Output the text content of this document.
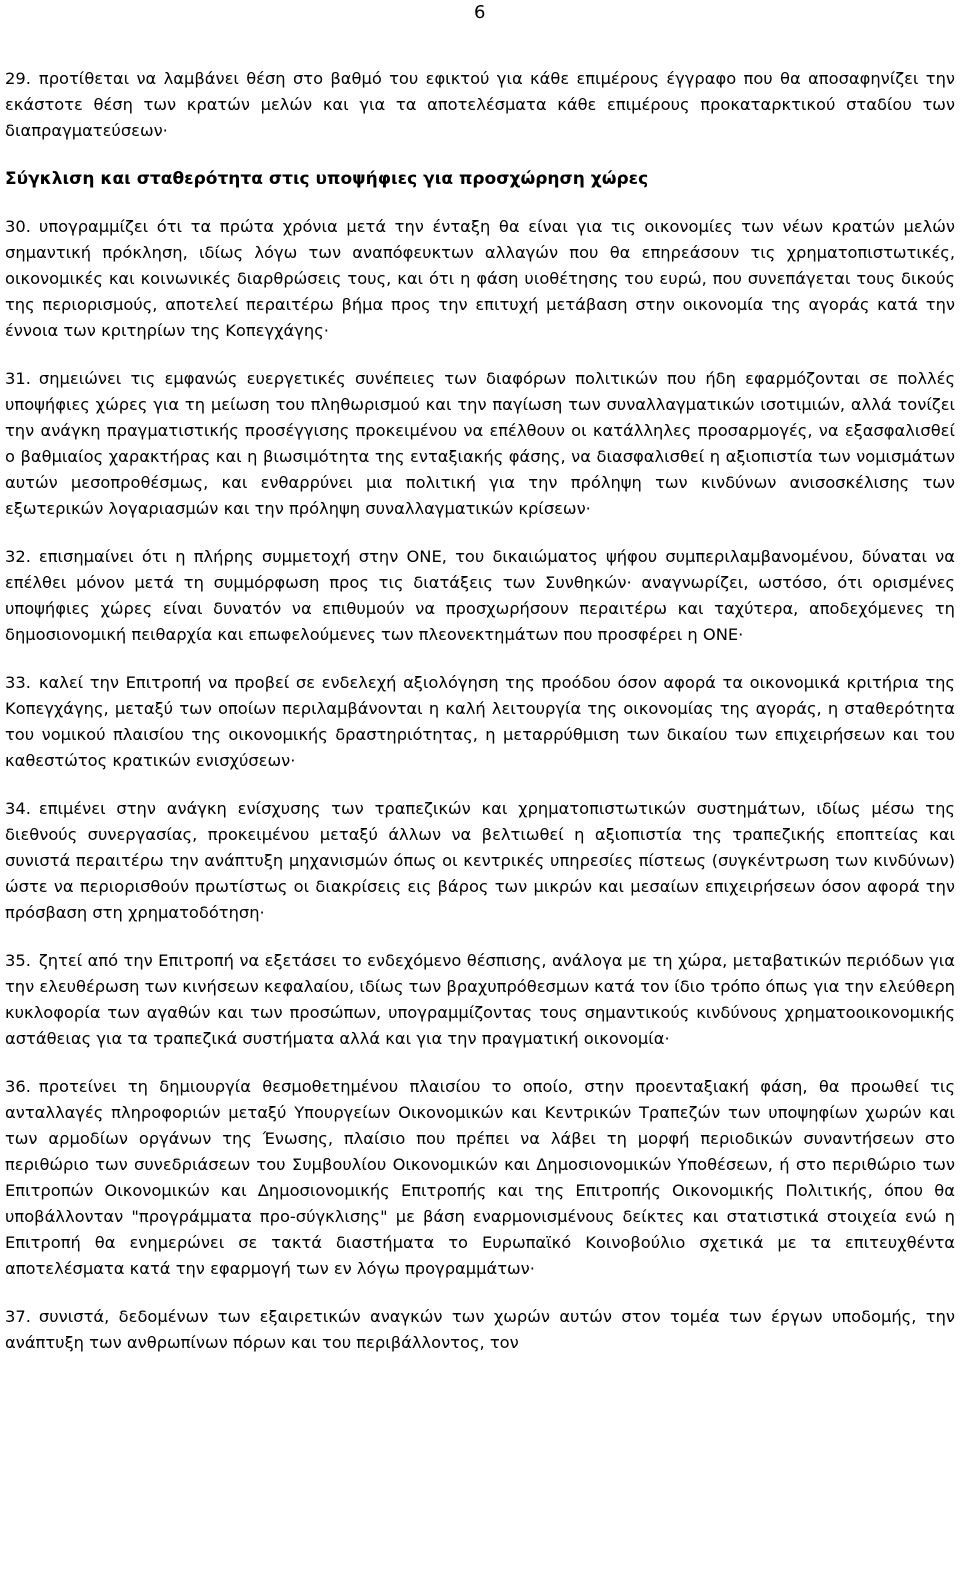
6

29. προτίθεται να λαμβάνει θέση στο βαθμό του εφικτού για κάθε επιμέρους έγγραφο που θα αποσαφηνίζει την εκάστοτε θέση των κρατών μελών και για τα αποτελέσματα κάθε επιμέρους προκαταρκτικού σταδίου των διαπραγματεύσεων·

Σύγκλιση και σταθερότητα στις υποψήφιες για προσχώρηση χώρες

30. υπογραμμίζει ότι τα πρώτα χρόνια μετά την ένταξη θα είναι για τις οικονομίες των νέων κρατών μελών σημαντική πρόκληση, ιδίως λόγω των αναπόφευκτων αλλαγών που θα επηρεάσουν τις χρηματοπιστωτικές, οικονομικές και κοινωνικές διαρθρώσεις τους, και ότι η φάση υιοθέτησης του ευρώ, που συνεπάγεται τους δικούς της περιορισμούς, αποτελεί περαιτέρω βήμα προς την επιτυχή μετάβαση στην οικονομία της αγοράς κατά την έννοια των κριτηρίων της Κοπεγχάγης·

31. σημειώνει τις εμφανώς ευεργετικές συνέπειες των διαφόρων πολιτικών που ήδη εφαρμόζονται σε πολλές υποψήφιες χώρες για τη μείωση του πληθωρισμού και την παγίωση των συναλλαγματικών ισοτιμιών, αλλά τονίζει την ανάγκη πραγματιστικής προσέγγισης προκειμένου να επέλθουν οι κατάλληλες προσαρμογές, να εξασφαλισθεί ο βαθμιαίος χαρακτήρας και η βιωσιμότητα της ενταξιακής φάσης, να διασφαλισθεί η αξιοπιστία των νομισμάτων αυτών μεσοπροθέσμως, και ενθαρρύνει μια πολιτική για την πρόληψη των κινδύνων ανισοσκέλισης των εξωτερικών λογαριασμών και την πρόληψη συναλλαγματικών κρίσεων·

32. επισημαίνει ότι η πλήρης συμμετοχή στην ΟΝΕ, του δικαιώματος ψήφου συμπεριλαμβανομένου, δύναται να επέλθει μόνον μετά τη συμμόρφωση προς τις διατάξεις των Συνθηκών· αναγνωρίζει, ωστόσο, ότι ορισμένες υποψήφιες χώρες είναι δυνατόν να επιθυμούν να προσχωρήσουν περαιτέρω και ταχύτερα, αποδεχόμενες τη δημοσιονομική πειθαρχία και επωφελούμενες των πλεονεκτημάτων που προσφέρει η ΟΝΕ·

33. καλεί την Επιτροπή να προβεί σε ενδελεχή αξιολόγηση της προόδου όσον αφορά τα οικονομικά κριτήρια της Κοπεγχάγης, μεταξύ των οποίων περιλαμβάνονται η καλή λειτουργία της οικονομίας της αγοράς, η σταθερότητα του νομικού πλαισίου της οικονομικής δραστηριότητας, η μεταρρύθμιση των δικαίου των επιχειρήσεων και του καθεστώτος κρατικών ενισχύσεων·

34. επιμένει στην ανάγκη ενίσχυσης των τραπεζικών και χρηματοπιστωτικών συστημάτων, ιδίως μέσω της διεθνούς συνεργασίας, προκειμένου μεταξύ άλλων να βελτιωθεί η αξιοπιστία της τραπεζικής εποπτείας και συνιστά περαιτέρω την ανάπτυξη μηχανισμών όπως οι κεντρικές υπηρεσίες πίστεως (συγκέντρωση των κινδύνων) ώστε να περιορισθούν πρωτίστως οι διακρίσεις εις βάρος των μικρών και μεσαίων επιχειρήσεων όσον αφορά την πρόσβαση στη χρηματοδότηση·

35. ζητεί από την Επιτροπή να εξετάσει το ενδεχόμενο θέσπισης, ανάλογα με τη χώρα, μεταβατικών περιόδων για την ελευθέρωση των κινήσεων κεφαλαίου, ιδίως των βραχυπρόθεσμων κατά τον ίδιο τρόπο όπως για την ελεύθερη κυκλοφορία των αγαθών και των προσώπων, υπογραμμίζοντας τους σημαντικούς κινδύνους χρηματοοικονομικής αστάθειας για τα τραπεζικά συστήματα αλλά και για την πραγματική οικονομία·

36. προτείνει τη δημιουργία θεσμοθετημένου πλαισίου το οποίο, στην προενταξιακή φάση, θα προωθεί τις ανταλλαγές πληροφοριών μεταξύ Υπουργείων Οικονομικών και Κεντρικών Τραπεζών των υποψηφίων χωρών και των αρμοδίων οργάνων της Ένωσης, πλαίσιο που πρέπει να λάβει τη μορφή περιοδικών συναντήσεων στο περιθώριο των συνεδριάσεων του Συμβουλίου Οικονομικών και Δημοσιονομικών Υποθέσεων, ή στο περιθώριο των Επιτροπών Οικονομικών και Δημοσιονομικής Επιτροπής και της Επιτροπής Οικονομικής Πολιτικής, όπου θα υποβάλλονταν "προγράμματα προ-σύγκλισης" με βάση εναρμονισμένους δείκτες και στατιστικά στοιχεία ενώ η Επιτροπή θα ενημερώνει σε τακτά διαστήματα το Ευρωπαϊκό Κοινοβούλιο σχετικά με τα επιτευχθέντα αποτελέσματα κατά την εφαρμογή των εν λόγω προγραμμάτων·

37. συνιστά, δεδομένων των εξαιρετικών αναγκών των χωρών αυτών στον τομέα των έργων υποδομής, την ανάπτυξη των ανθρωπίνων πόρων και του περιβάλλοντος, τον
